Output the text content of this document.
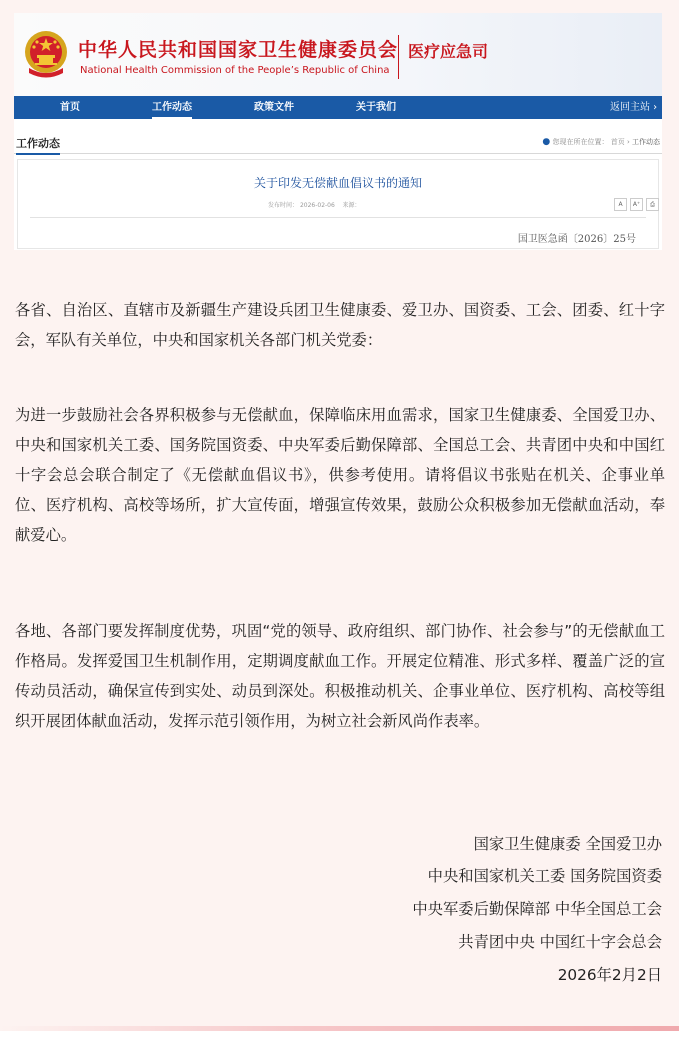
中华人民共和国国家卫生健康委员会
National Health Commission of the People’s Republic of China
医疗应急司
首页	工作动态	政策文件	关于我们	返回主站 ›
工作动态	● 您现在所在位置： 首页 › 工作动态
关于印发无偿献血倡议书的通知
发布时间： 2026-02-06 来源：	A	A⁺	⎙
国卫医急函〔2026〕25号

各省、自治区、直辖市及新疆生产建设兵团卫生健康委、爱卫办、国资委、工会、团委、红十字会，军队有关单位，中央和国家机关各部门机关党委：

为进一步鼓励社会各界积极参与无偿献血，保障临床用血需求，国家卫生健康委、全国爱卫办、中央和国家机关工委、国务院国资委、中央军委后勤保障部、全国总工会、共青团中央和中国红十字会总会联合制定了《无偿献血倡议书》，供参考使用。请将倡议书张贴在机关、企事业单位、医疗机构、高校等场所，扩大宣传面，增强宣传效果，鼓励公众积极参加无偿献血活动，奉献爱心。

各地、各部门要发挥制度优势，巩固“党的领导、政府组织、部门协作、社会参与”的无偿献血工作格局。发挥爱国卫生机制作用，定期调度献血工作。开展定位精准、形式多样、覆盖广泛的宣传动员活动，确保宣传到实处、动员到深处。积极推动机关、企事业单位、医疗机构、高校等组织开展团体献血活动，发挥示范引领作用，为树立社会新风尚作表率。

国家卫生健康委 全国爱卫办
中央和国家机关工委 国务院国资委
中央军委后勤保障部 中华全国总工会
共青团中央 中国红十字会总会
2026年2月2日
